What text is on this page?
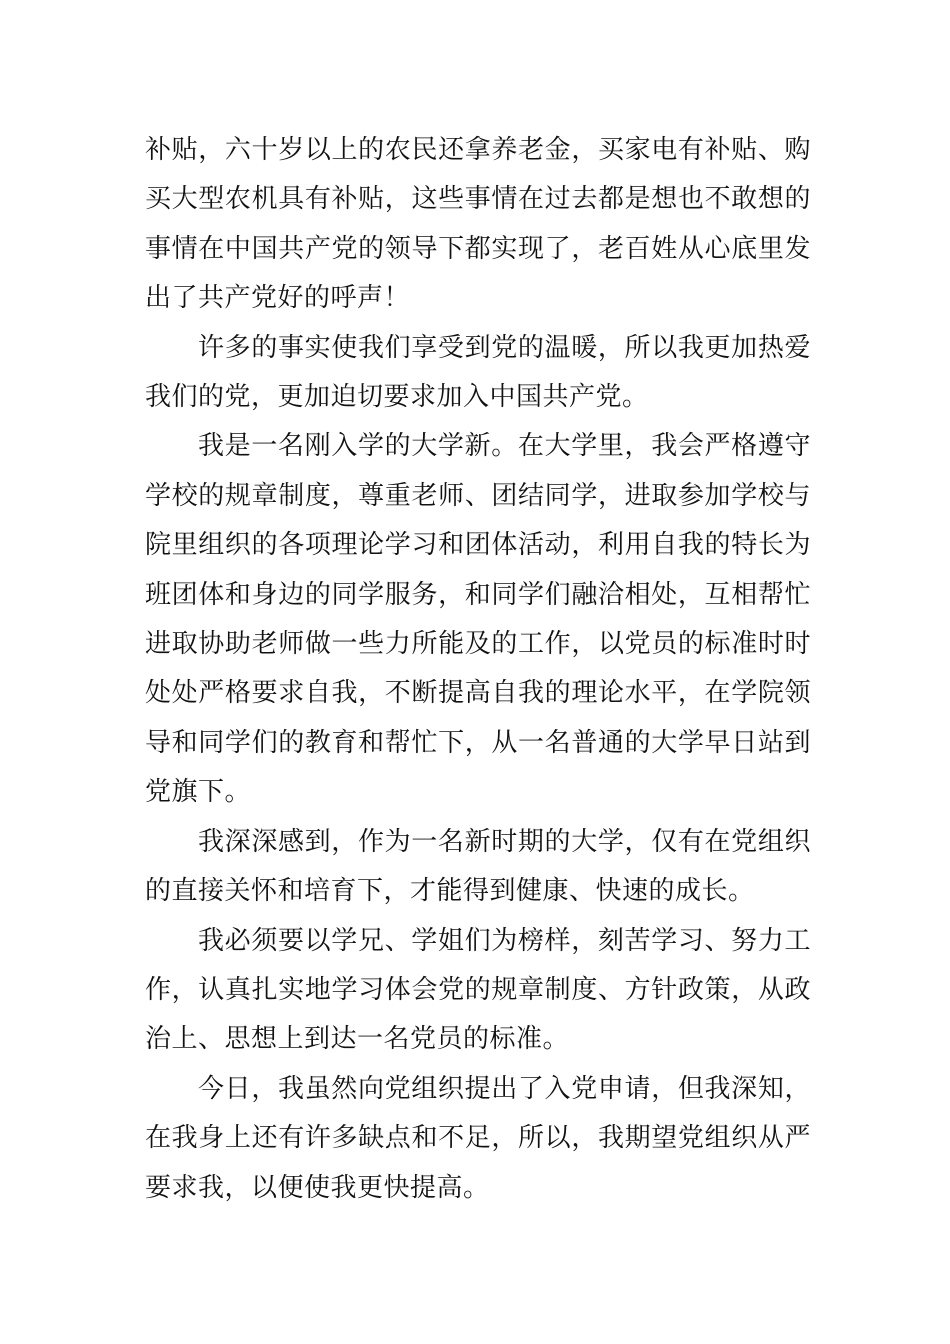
补贴，六十岁以上的农民还拿养老金，买家电有补贴、购买大型农机具有补贴，这些事情在过去都是想也不敢想的事情在中国共产党的领导下都实现了，老百姓从心底里发出了共产党好的呼声！

许多的事实使我们享受到党的温暖，所以我更加热爱我们的党，更加迫切要求加入中国共产党。

我是一名刚入学的大学新。在大学里，我会严格遵守学校的规章制度，尊重老师、团结同学，进取参加学校与院里组织的各项理论学习和团体活动，利用自我的特长为班团体和身边的同学服务，和同学们融洽相处，互相帮忙进取协助老师做一些力所能及的工作，以党员的标准时时处处严格要求自我，不断提高自我的理论水平，在学院领导和同学们的教育和帮忙下，从一名普通的大学早日站到党旗下。

我深深感到，作为一名新时期的大学，仅有在党组织的直接关怀和培育下，才能得到健康、快速的成长。

我必须要以学兄、学姐们为榜样，刻苦学习、努力工作，认真扎实地学习体会党的规章制度、方针政策，从政治上、思想上到达一名党员的标准。

今日，我虽然向党组织提出了入党申请，但我深知，在我身上还有许多缺点和不足，所以，我期望党组织从严要求我，以便使我更快提高。
